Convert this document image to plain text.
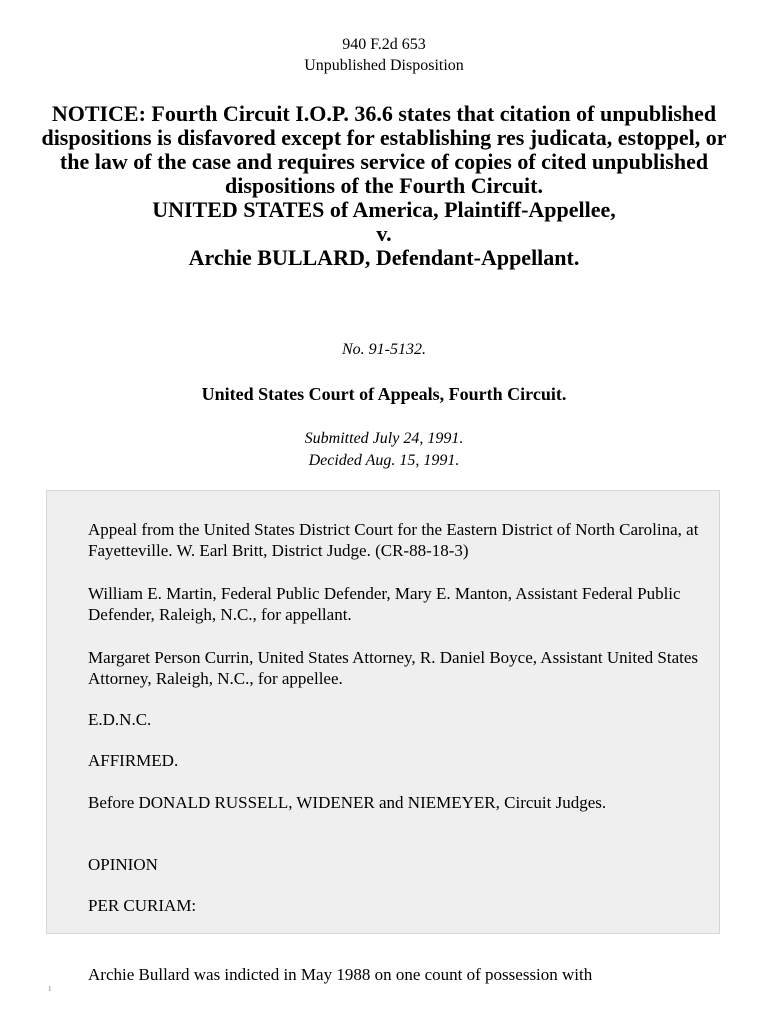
940 F.2d 653
Unpublished Disposition
NOTICE: Fourth Circuit I.O.P. 36.6 states that citation of unpublished dispositions is disfavored except for establishing res judicata, estoppel, or the law of the case and requires service of copies of cited unpublished dispositions of the Fourth Circuit.
UNITED STATES of America, Plaintiff-Appellee,
v.
Archie BULLARD, Defendant-Appellant.
No. 91-5132.
United States Court of Appeals, Fourth Circuit.
Submitted July 24, 1991.
Decided Aug. 15, 1991.
Appeal from the United States District Court for the Eastern District of North Carolina, at Fayetteville. W. Earl Britt, District Judge. (CR-88-18-3)
William E. Martin, Federal Public Defender, Mary E. Manton, Assistant Federal Public Defender, Raleigh, N.C., for appellant.
Margaret Person Currin, United States Attorney, R. Daniel Boyce, Assistant United States Attorney, Raleigh, N.C., for appellee.
E.D.N.C.
AFFIRMED.
Before DONALD RUSSELL, WIDENER and NIEMEYER, Circuit Judges.
OPINION
PER CURIAM:
Archie Bullard was indicted in May 1988 on one count of possession with
1
